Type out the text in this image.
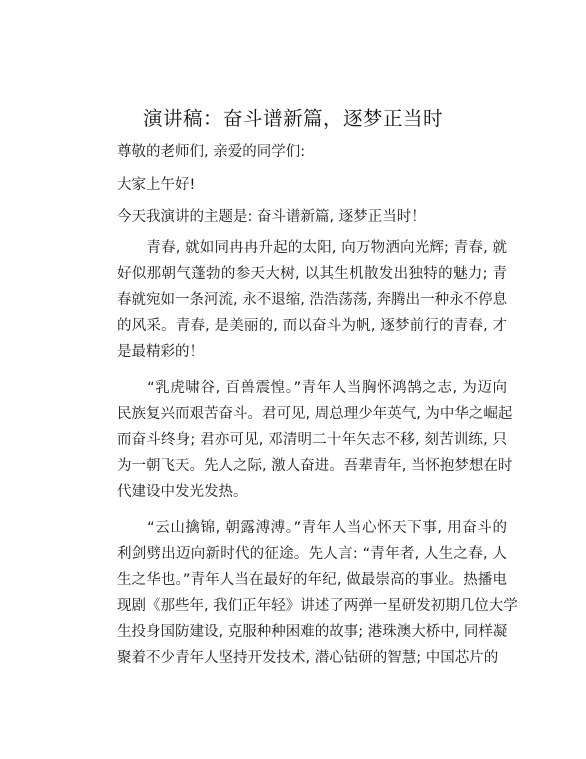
演讲稿：奋斗谱新篇，逐梦正当时
尊敬的老师们, 亲爱的同学们:
大家上午好!
今天我演讲的主题是: 奋斗谱新篇, 逐梦正当时！
　　青春, 就如同冉冉升起的太阳, 向万物洒向光辉; 青春, 就
好似那朝气蓬勃的参天大树, 以其生机散发出独特的魅力; 青
春就宛如一条河流, 永不退缩, 浩浩荡荡, 奔腾出一种永不停息
的风采。青春, 是美丽的, 而以奋斗为帆, 逐梦前行的青春, 才
是最精彩的！
　　“乳虎啸谷, 百兽震惶。”青年人当胸怀鸿鹄之志, 为迈向
民族复兴而艰苦奋斗。君可见, 周总理少年英气, 为中华之崛起
而奋斗终身; 君亦可见, 邓清明二十年矢志不移, 刻苦训练, 只
为一朝飞天。先人之际, 激人奋进。吾辈青年, 当怀抱梦想在时
代建设中发光发热。
　　“云山擒锦, 朝露溥溥。”青年人当心怀天下事, 用奋斗的
利剑劈出迈向新时代的征途。先人言: “青年者, 人生之春, 人
生之华也。”青年人当在最好的年纪, 做最崇高的事业。热播电
现剧《那些年, 我们正年轻》讲述了两弹一星研发初期几位大学
生投身国防建设, 克服种种困难的故事; 港珠澳大桥中, 同样凝
聚着不少青年人坚持开发技术, 潜心钻研的智慧; 中国芯片的
